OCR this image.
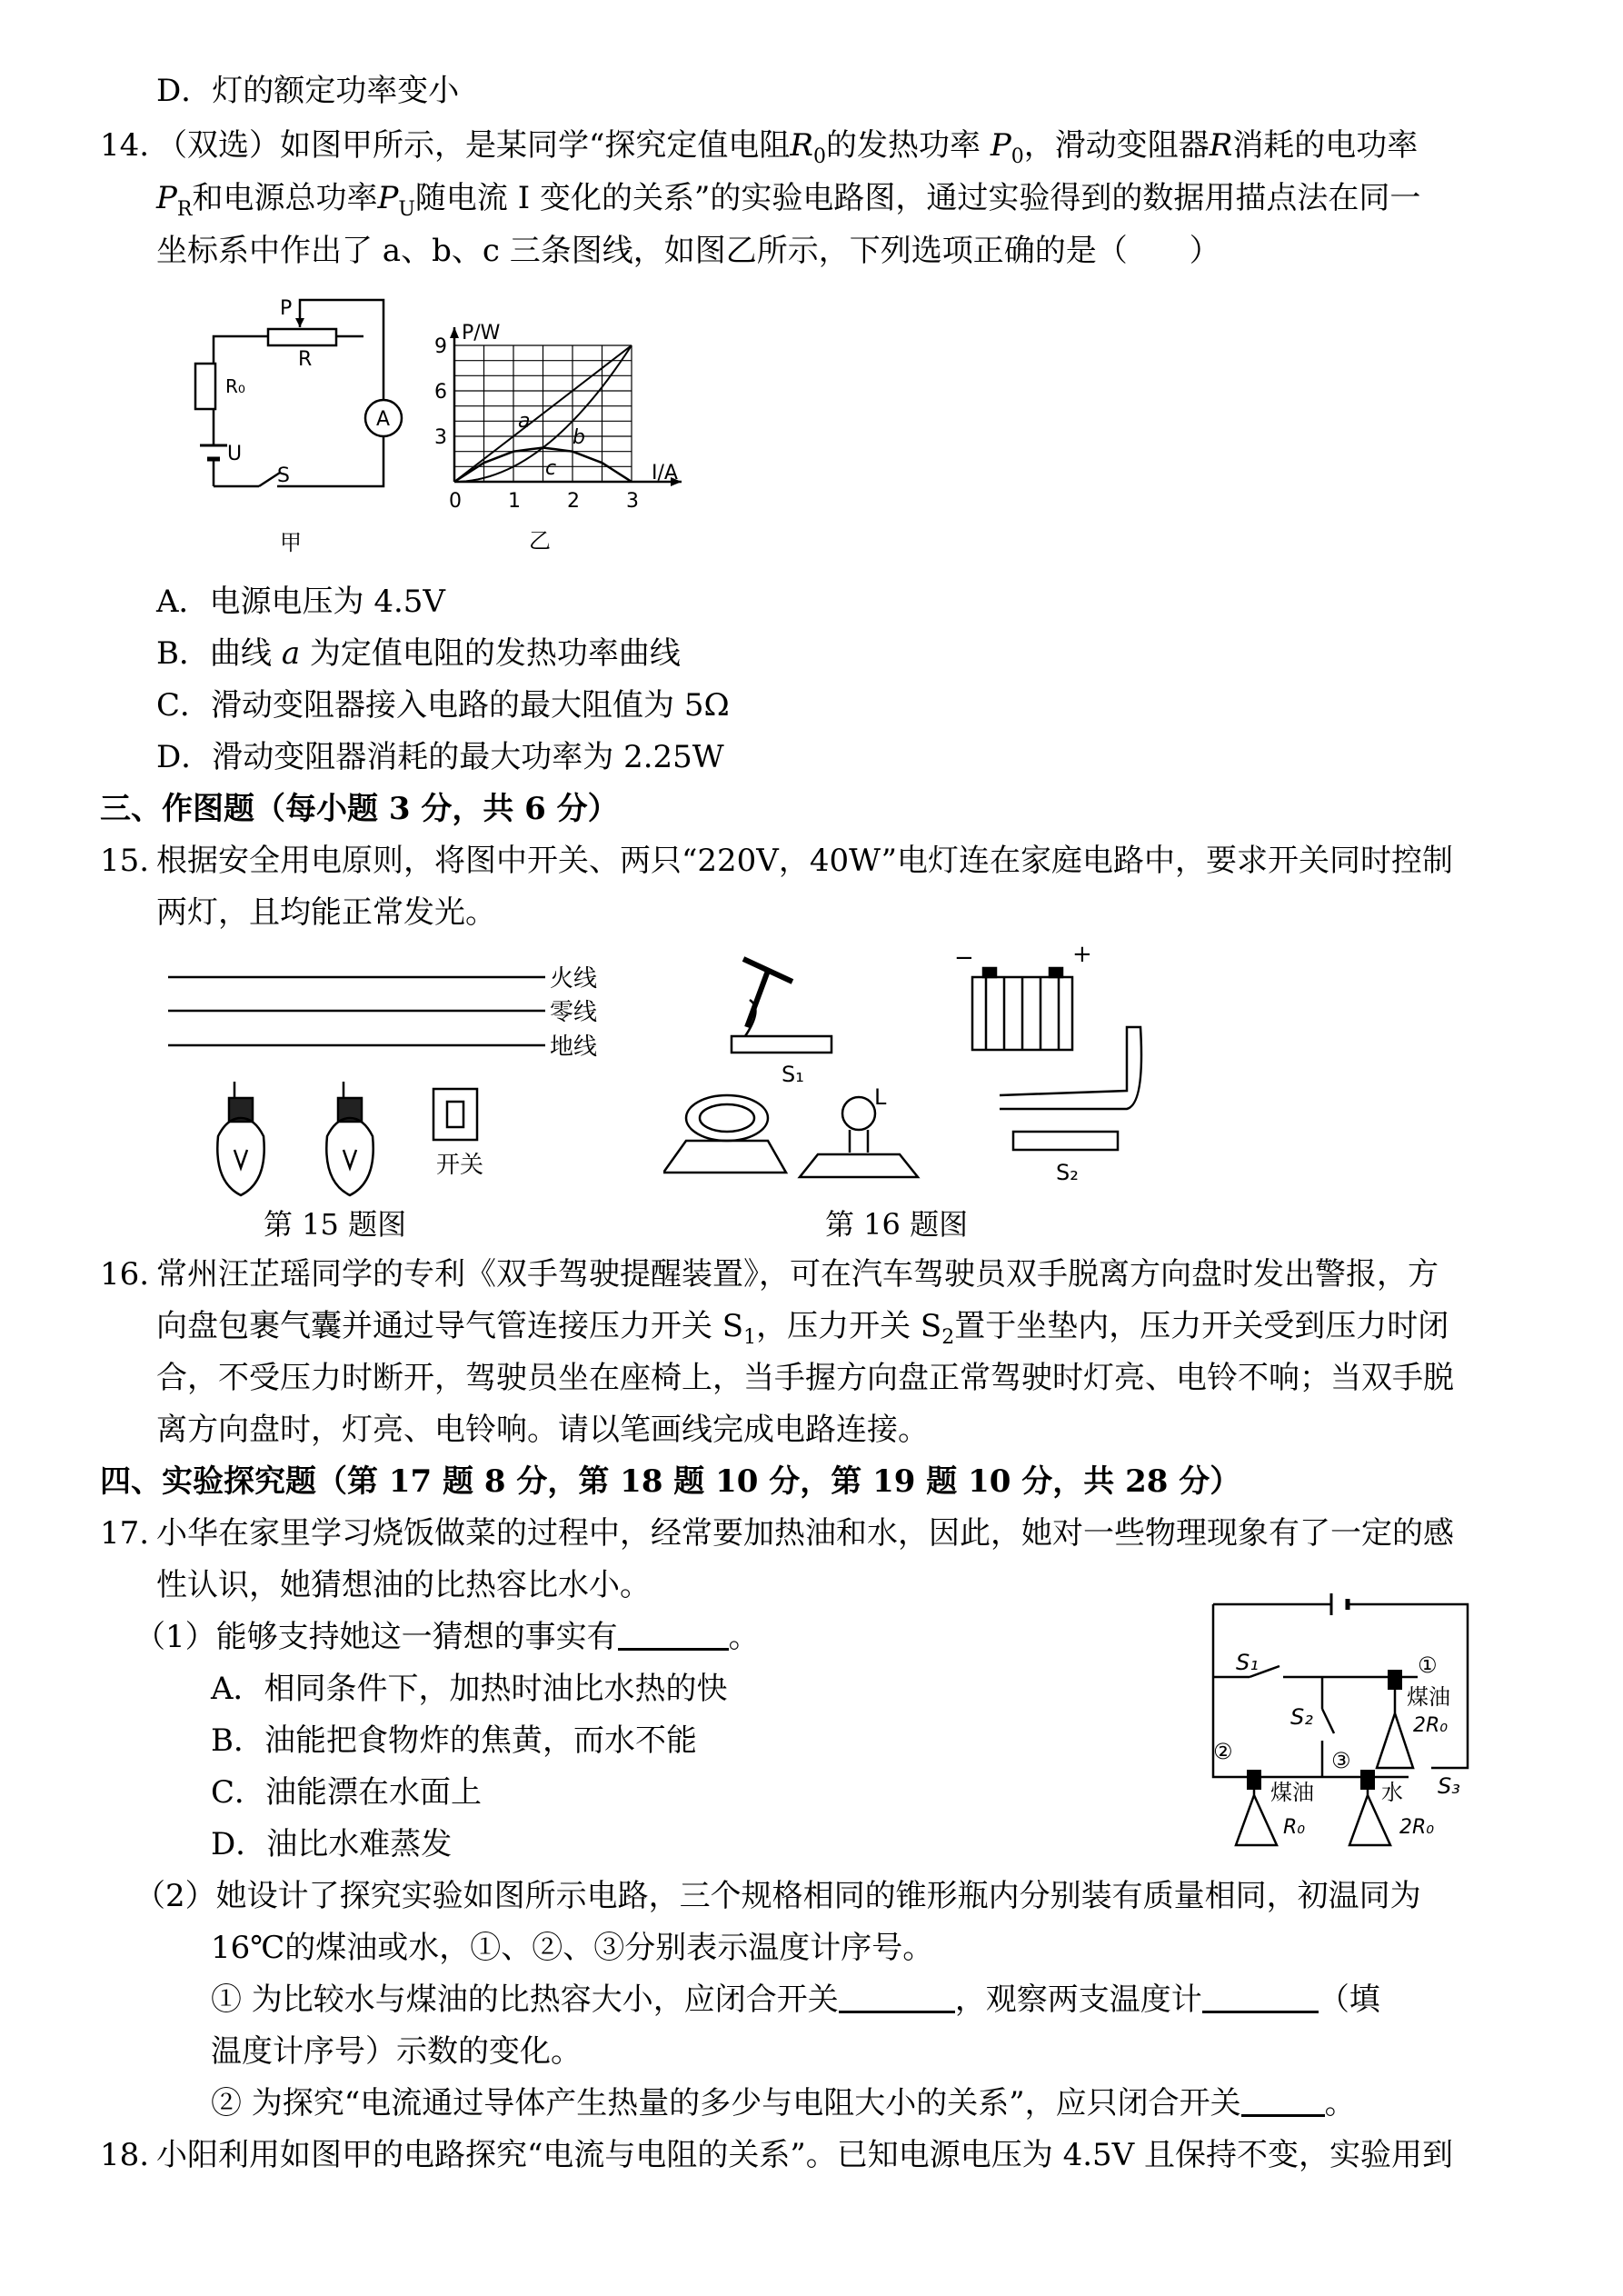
D．灯的额定功率变小
14. （双选）如图甲所示，是某同学“探究定值电阻$R_0$的发热功率 $P_0$，滑动变阻器R消耗的电功率
$P_R$和电源总功率$P_U$随电流 I 变化的关系”的实验电路图，通过实验得到的数据用描点法在同一
坐标系中作出了 a、b、c 三条图线，如图乙所示，下列选项正确的是（　　）
P
R
R₀
U
A
S
甲
P/W
I/A
9
6
3
0 1 2 3
a
b
c
乙
A．电源电压为 4.5V
B．曲线 a 为定值电阻的发热功率曲线
C．滑动变阻器接入电路的最大阻值为 5Ω
D．滑动变阻器消耗的最大功率为 2.25W
三、作图题（每小题 3 分，共 6 分）
15. 根据安全用电原则，将图中开关、两只“220V，40W”电灯连在家庭电路中，要求开关同时控制
两灯，且均能正常发光。
火线
零线
地线
开关
第 15 题图
−	+
S₁
L
S₂
第 16 题图
16. 常州汪芷瑶同学的专利《双手驾驶提醒装置》，可在汽车驾驶员双手脱离方向盘时发出警报，方
向盘包裹气囊并通过导气管连接压力开关 $S_1$，压力开关 $S_2$置于坐垫内，压力开关受到压力时闭
合，不受压力时断开，驾驶员坐在座椅上，当手握方向盘正常驾驶时灯亮、电铃不响；当双手脱
离方向盘时，灯亮、电铃响。请以笔画线完成电路连接。
四、实验探究题（第 17 题 8 分，第 18 题 10 分，第 19 题 10 分，共 28 分）
17. 小华在家里学习烧饭做菜的过程中，经常要加热油和水，因此，她对一些物理现象有了一定的感
性认识，她猜想油的比热容比水小。
（1）能够支持她这一猜想的事实有	。
A．相同条件下，加热时油比水热的快
B．油能把食物炸的焦黄，而水不能
C．油能漂在水面上
D．油比水难蒸发
S₁
S₂
S₃
①
②	③
煤油
2R₀
煤油
R₀
水
2R₀
（2）她设计了探究实验如图所示电路，三个规格相同的锥形瓶内分别装有质量相同，初温同为
16℃的煤油或水，①、②、③分别表示温度计序号。
① 为比较水与煤油的比热容大小，应闭合开关	，观察两支温度计	（填
温度计序号）示数的变化。
② 为探究“电流通过导体产生热量的多少与电阻大小的关系”，应只闭合开关	。
18. 小阳利用如图甲的电路探究“电流与电阻的关系”。已知电源电压为 4.5V 且保持不变，实验用到
